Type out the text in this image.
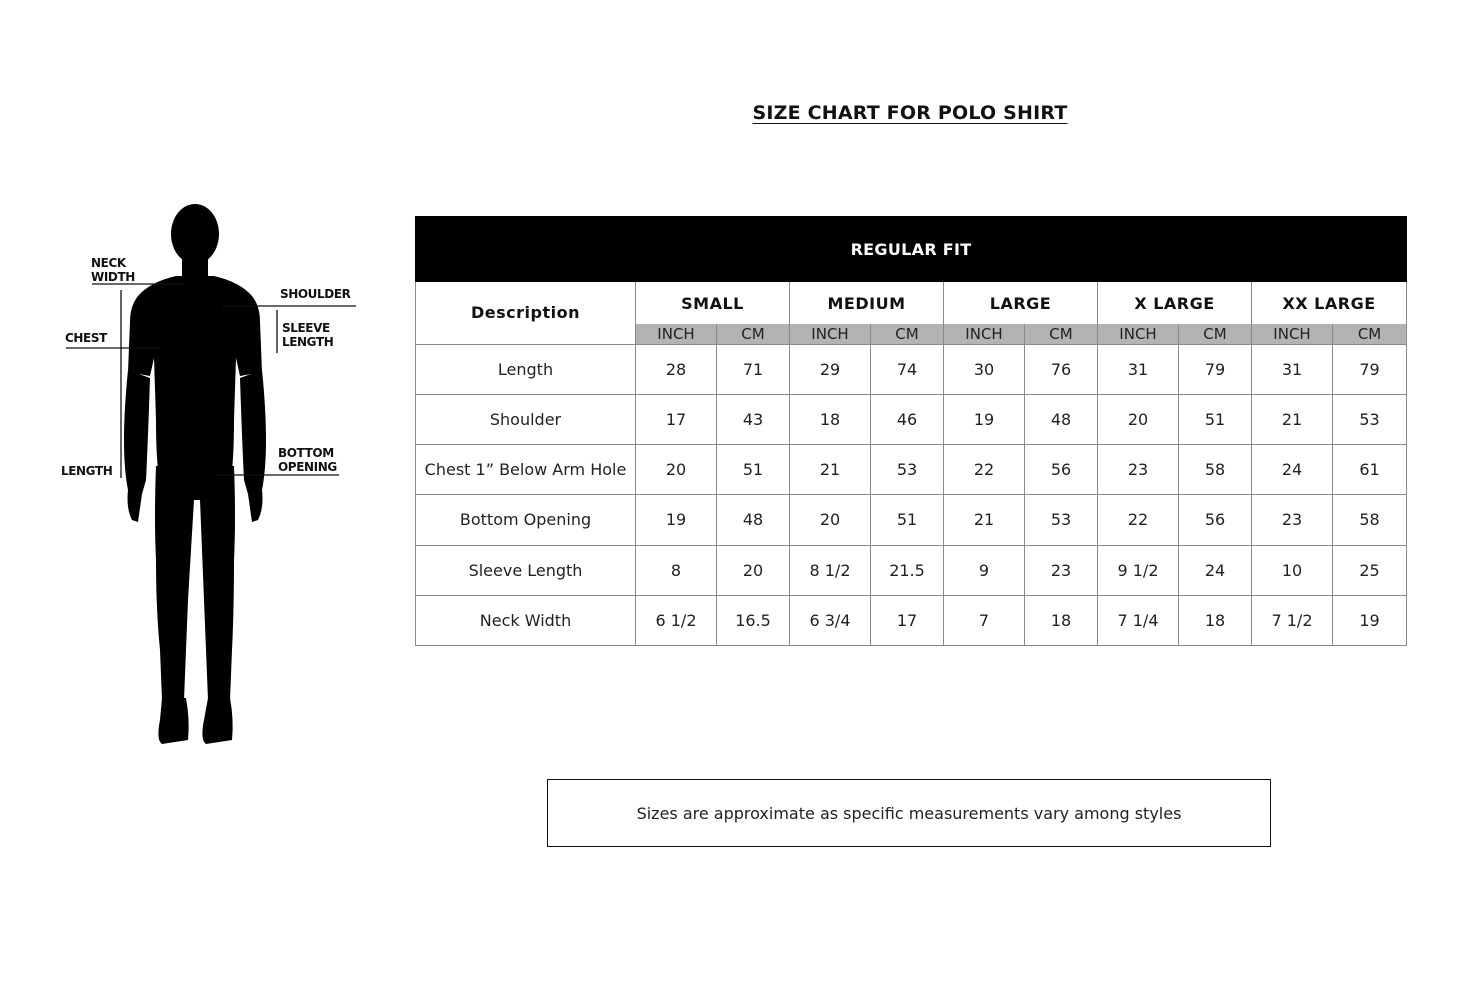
SIZE CHART FOR POLO SHIRT
NECK WIDTH
SHOULDER
CHEST
SLEEVE LENGTH
LENGTH
BOTTOM OPENING
REGULAR FIT										
Description	SMALL		MEDIUM		LARGE		X LARGE		XX LARGE	
	INCH	CM	INCH	CM	INCH	CM	INCH	CM	INCH	CM
Length	28	71	29	74	30	76	31	79	31	79
Shoulder	17	43	18	46	19	48	20	51	21	53
Chest 1” Below Arm Hole	20	51	21	53	22	56	23	58	24	61
Bottom Opening	19	48	20	51	21	53	22	56	23	58
Sleeve Length	8	20	8 1/2	21.5	9	23	9 1/2	24	10	25
Neck Width	6 1/2	16.5	6 3/4	17	7	18	7 1/4	18	7 1/2	19
Sizes are approximate as specific measurements vary among styles
